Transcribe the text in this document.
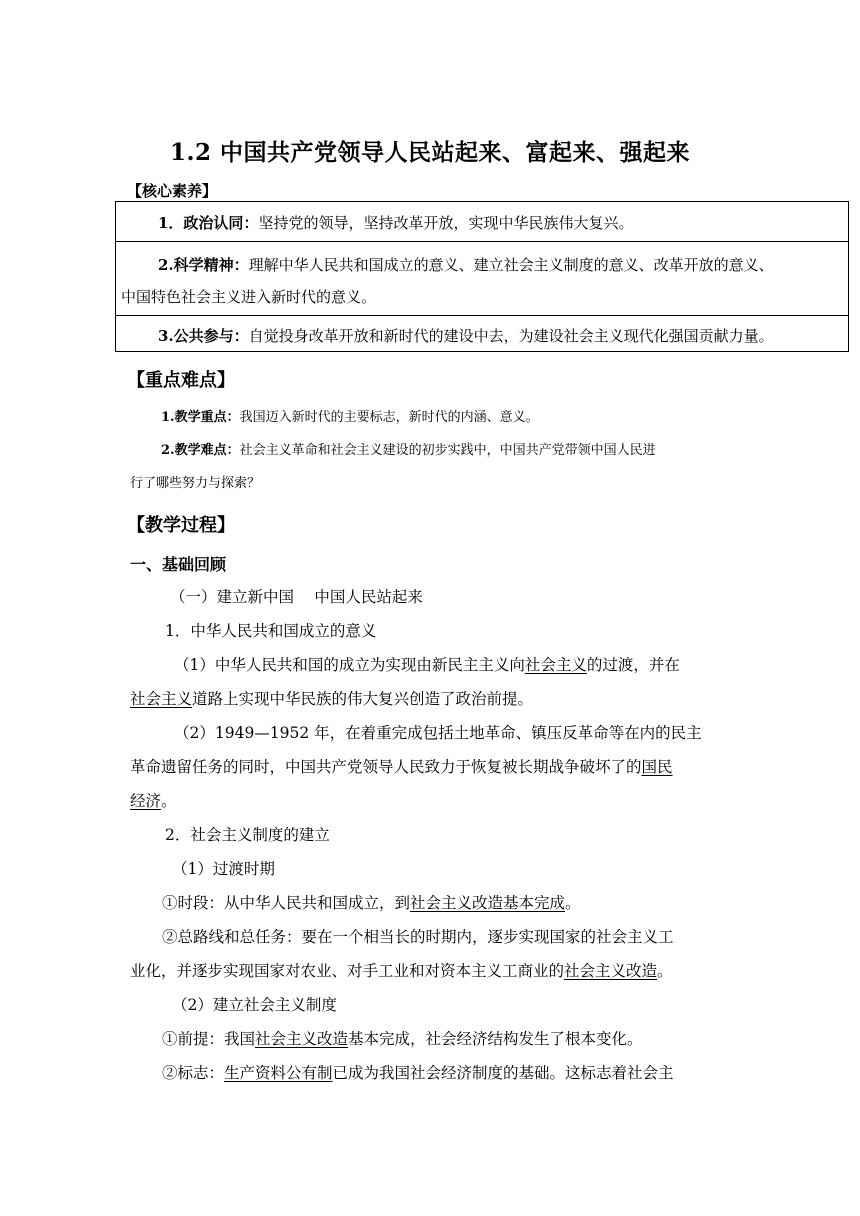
1.2 中国共产党领导人民站起来、富起来、强起来
【核心素养】
1．政治认同：坚持党的领导，坚持改革开放，实现中华民族伟大复兴。
2.科学精神：理解中华人民共和国成立的意义、建立社会主义制度的意义、改革开放的意义、
中国特色社会主义进入新时代的意义。
3.公共参与：自觉投身改革开放和新时代的建设中去，为建设社会主义现代化强国贡献力量。
【重点难点】
1.教学重点：我国迈入新时代的主要标志，新时代的内涵、意义。
2.教学难点：社会主义革命和社会主义建设的初步实践中，中国共产党带领中国人民进
行了哪些努力与探索？
【教学过程】
一、基础回顾
（一）建立新中国　 中国人民站起来
1．中华人民共和国成立的意义
（1）中华人民共和国的成立为实现由新民主主义向社会主义的过渡，并在
社会主义道路上实现中华民族的伟大复兴创造了政治前提。
（2）1949—1952 年，在着重完成包括土地革命、镇压反革命等在内的民主
革命遗留任务的同时，中国共产党领导人民致力于恢复被长期战争破坏了的国民
经济。
2．社会主义制度的建立
（1）过渡时期
①时段：从中华人民共和国成立，到社会主义改造基本完成。
②总路线和总任务：要在一个相当长的时期内，逐步实现国家的社会主义工
业化，并逐步实现国家对农业、对手工业和对资本主义工商业的社会主义改造。
（2）建立社会主义制度
①前提：我国社会主义改造基本完成，社会经济结构发生了根本变化。
②标志：生产资料公有制已成为我国社会经济制度的基础。这标志着社会主
